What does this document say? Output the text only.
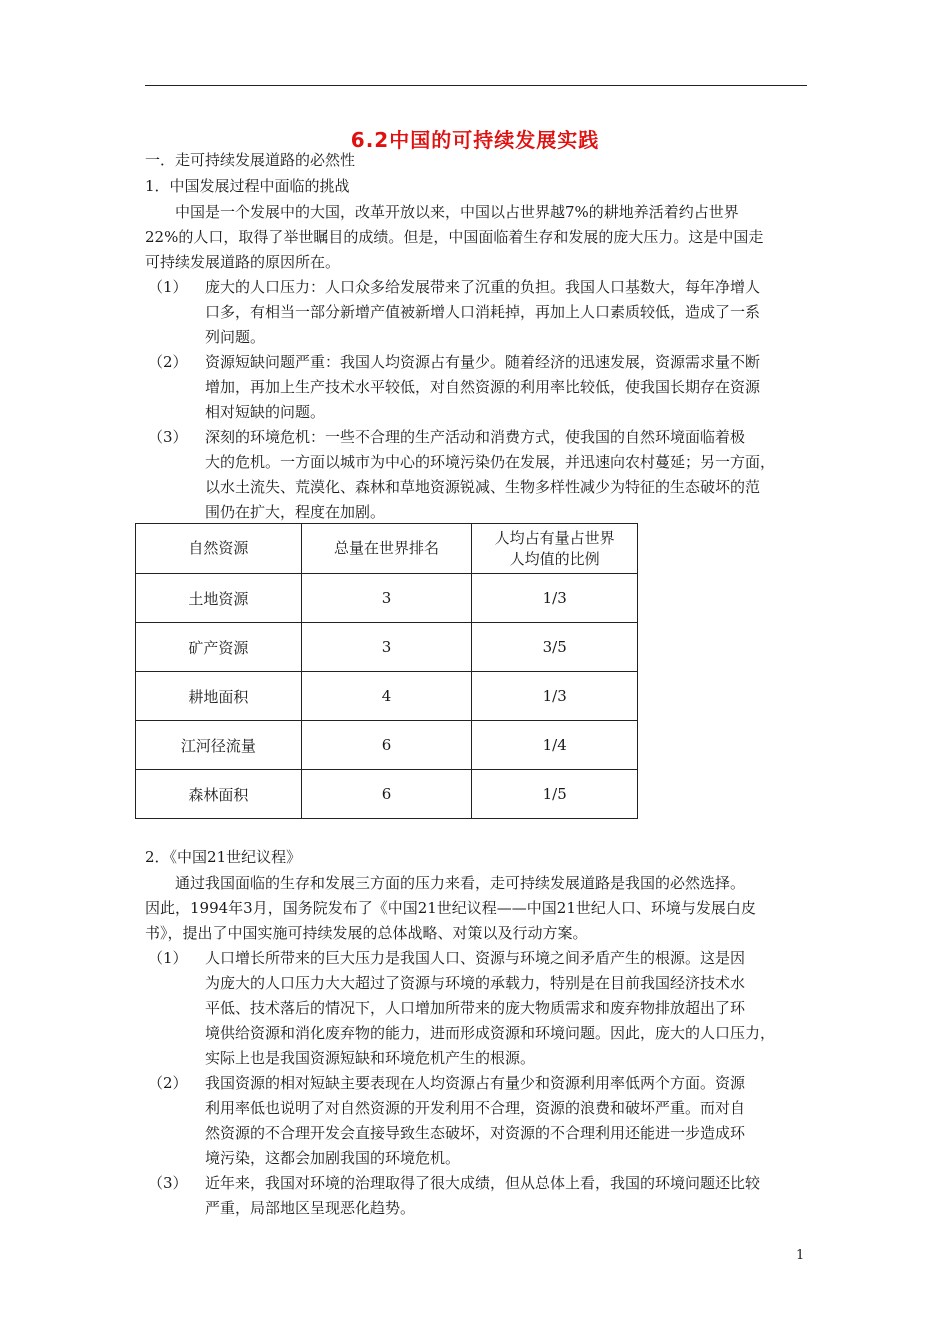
6.2中国的可持续发展实践
一．走可持续发展道路的必然性
1．中国发展过程中面临的挑战
中国是一个发展中的大国，改革开放以来，中国以占世界越7%的耕地养活着约占世界
22%的人口，取得了举世瞩目的成绩。但是，中国面临着生存和发展的庞大压力。这是中国走
可持续发展道路的原因所在。
（1） 庞大的人口压力：人口众多给发展带来了沉重的负担。我国人口基数大，每年净增人
口多，有相当一部分新增产值被新增人口消耗掉，再加上人口素质较低，造成了一系
列问题。
（2） 资源短缺问题严重：我国人均资源占有量少。随着经济的迅速发展，资源需求量不断
增加，再加上生产技术水平较低，对自然资源的利用率比较低，使我国长期存在资源
相对短缺的问题。
（3） 深刻的环境危机：一些不合理的生产活动和消费方式，使我国的自然环境面临着极
大的危机。一方面以城市为中心的环境污染仍在发展，并迅速向农村蔓延；另一方面，
以水土流失、荒漠化、森林和草地资源锐减、生物多样性减少为特征的生态破坏的范
围仍在扩大，程度在加剧。
自然资源	总量在世界排名	人均占有量占世界
人均值的比例
土地资源	3	1/3
矿产资源	3	3/5
耕地面积	4	1/3
江河径流量	6	1/4
森林面积	6	1/5
2．《中国21世纪议程》
通过我国面临的生存和发展三方面的压力来看，走可持续发展道路是我国的必然选择。
因此，1994年3月，国务院发布了《中国21世纪议程——中国21世纪人口、环境与发展白皮
书》，提出了中国实施可持续发展的总体战略、对策以及行动方案。
（1） 人口增长所带来的巨大压力是我国人口、资源与环境之间矛盾产生的根源。这是因
为庞大的人口压力大大超过了资源与环境的承载力，特别是在目前我国经济技术水
平低、技术落后的情况下，人口增加所带来的庞大物质需求和废弃物排放超出了环
境供给资源和消化废弃物的能力，进而形成资源和环境问题。因此，庞大的人口压力，
实际上也是我国资源短缺和环境危机产生的根源。
（2） 我国资源的相对短缺主要表现在人均资源占有量少和资源利用率低两个方面。资源
利用率低也说明了对自然资源的开发利用不合理，资源的浪费和破坏严重。而对自
然资源的不合理开发会直接导致生态破坏，对资源的不合理利用还能进一步造成环
境污染，这都会加剧我国的环境危机。
（3） 近年来，我国对环境的治理取得了很大成绩，但从总体上看，我国的环境问题还比较
严重，局部地区呈现恶化趋势。
1
